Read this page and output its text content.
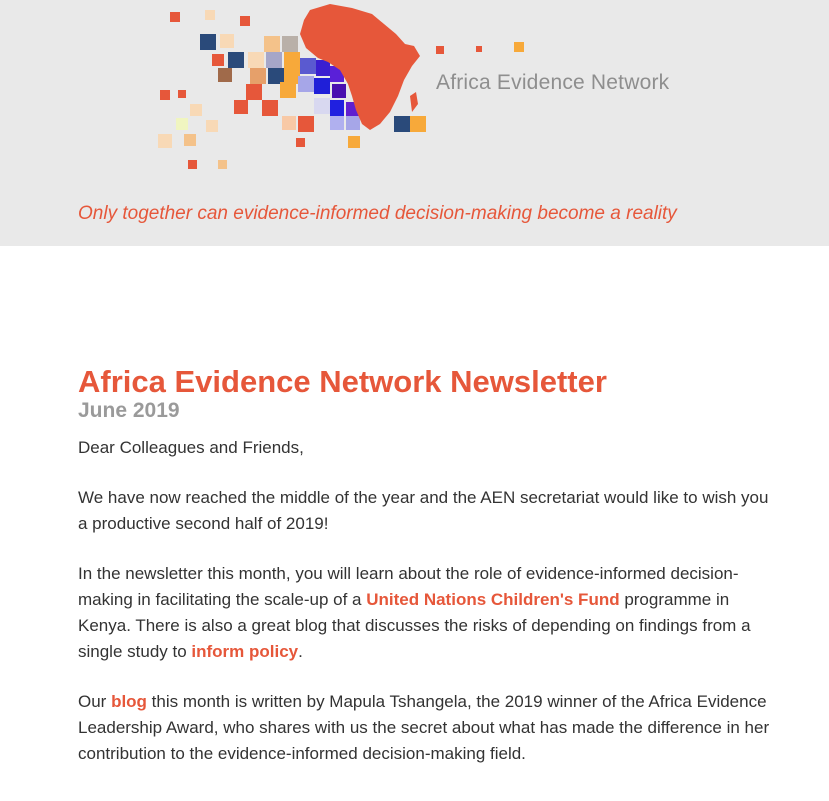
Africa Evidence Network
Only together can evidence-informed decision-making become a reality
Africa Evidence Network Newsletter
June 2019

Dear Colleagues and Friends,

We have now reached the middle of the year and the AEN secretariat would like to wish you a productive second half of 2019!

In the newsletter this month, you will learn about the role of evidence-informed decision-making in facilitating the scale-up of a United Nations Children's Fund programme in Kenya. There is also a great blog that discusses the risks of depending on findings from a single study to inform policy.

Our blog this month is written by Mapula Tshangela, the 2019 winner of the Africa Evidence Leadership Award, who shares with us the secret about what has made the difference in her contribution to the evidence-informed decision-making field.
